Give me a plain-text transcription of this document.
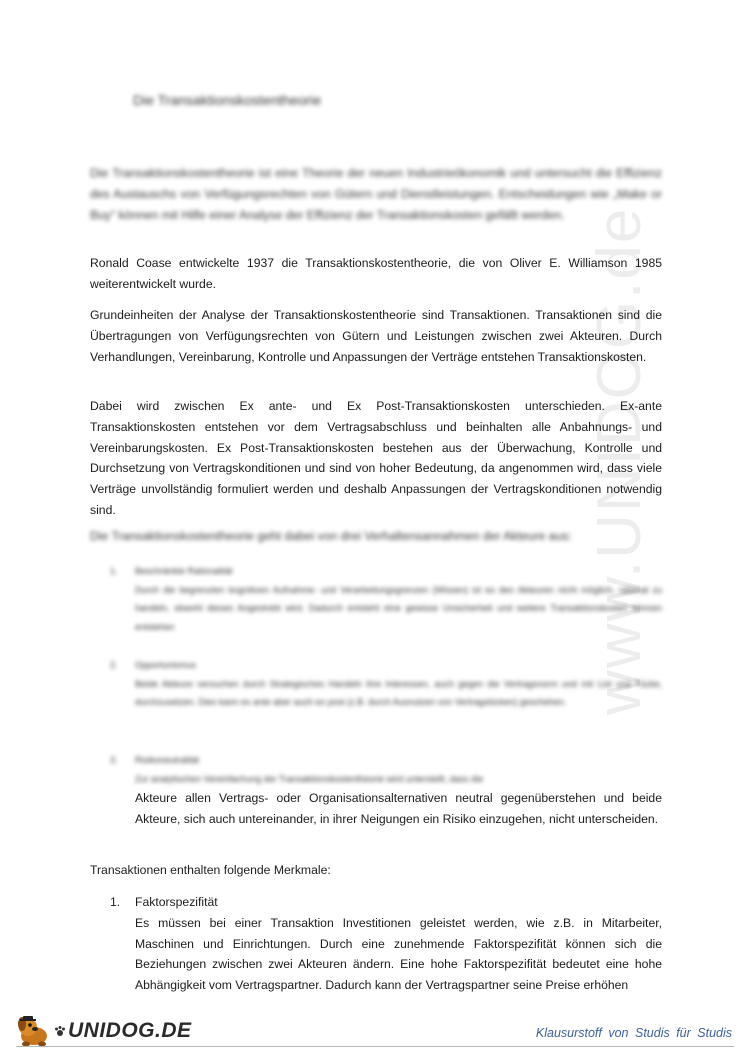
www.UNIDOG.de
Die Transaktionskostentheorie

Die Transaktionskostentheorie ist eine Theorie der neuen Industrieökonomik und untersucht die Effizienz des Austauschs von Verfügungsrechten von Gütern und Dienstleistungen. Entscheidungen wie „Make or Buy“ können mit Hilfe einer Analyse der Effizienz der Transaktionskosten gefällt werden.

Ronald Coase entwickelte 1937 die Transaktionskostentheorie, die von Oliver E. Williamson 1985 weiterentwickelt wurde.

Grundeinheiten der Analyse der Transaktionskostentheorie sind Transaktionen. Transaktionen sind die Übertragungen von Verfügungsrechten von Gütern und Leistungen zwischen zwei Akteuren. Durch Verhandlungen, Vereinbarung, Kontrolle und Anpassungen der Verträge entstehen Transaktionskosten.

Dabei wird zwischen Ex ante- und Ex Post-Transaktionskosten unterschieden. Ex-ante Transaktionskosten entstehen vor dem Vertragsabschluss und beinhalten alle Anbahnungs- und Vereinbarungskosten. Ex Post-Transaktionskosten bestehen aus der Überwachung, Kontrolle und Durchsetzung von Vertragskonditionen und sind von hoher Bedeutung, da angenommen wird, dass viele Verträge unvollständig formuliert werden und deshalb Anpassungen der Vertragskonditionen notwendig sind.

Die Transaktionskostentheorie geht dabei von drei Verhaltensannahmen der Akteure aus:

1.	Beschränkte Rationalität
Durch die begrenzten kognitiven Aufnahme- und Verarbeitungsgrenzen (Wissen) ist es den Akteuren nicht möglich, rational zu handeln, obwohl dieses Angestrebt wird. Dadurch entsteht eine gewisse Unsicherheit und weitere Transaktionskosten können entstehen
2.	Opportunismus
Beide Akteure versuchen durch Strategisches Handeln ihre Interessen, auch gegen die Vertragsnorm und mit List und Tücke, durchzusetzen. Dies kann ex ante aber auch ex post (z.B. durch Ausnutzen von Vertragslücken) geschehen.
3.	Risikoneutralität
Zur analytischen Vereinfachung der Transaktionskostentheorie wird unterstellt, dass die
Akteure allen Vertrags- oder Organisationsalternativen neutral gegenüberstehen und beide Akteure, sich auch untereinander, in ihrer Neigungen ein Risiko einzugehen, nicht unterscheiden.

Transaktionen enthalten folgende Merkmale:

1.	Faktorspezifität
Es müssen bei einer Transaktion Investitionen geleistet werden, wie z.B. in Mitarbeiter, Maschinen und Einrichtungen. Durch eine zunehmende Faktorspezifität können sich die Beziehungen zwischen zwei Akteuren ändern. Eine hohe Faktorspezifität bedeutet eine hohe Abhängigkeit vom Vertragspartner. Dadurch kann der Vertragspartner seine Preise erhöhen
UNIDOG.DE	Klausurstoff von Studis für Studis
